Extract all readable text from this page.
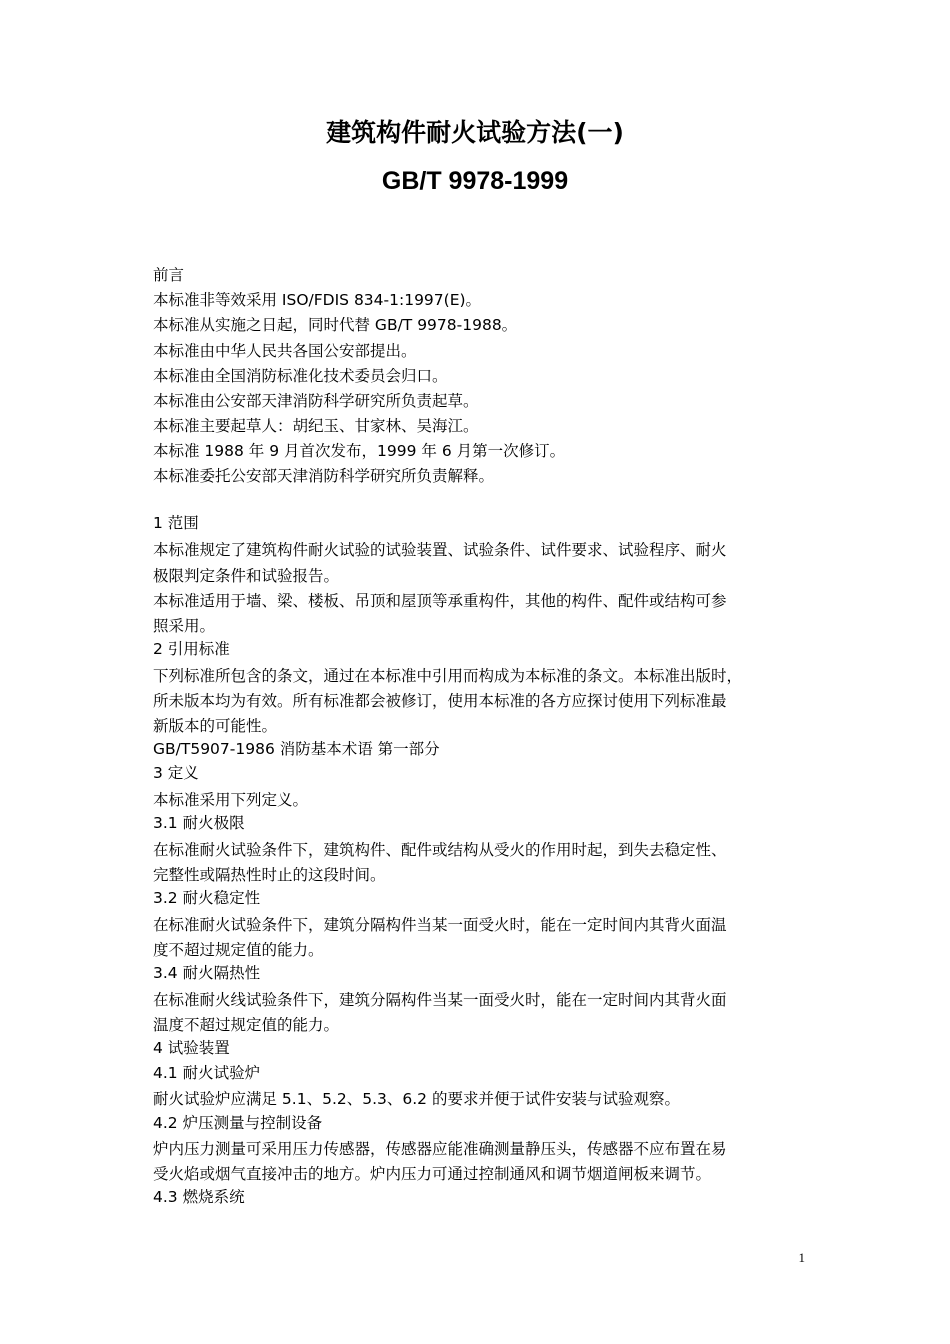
建筑构件耐火试验方法(一)
GB/T 9978-1999

前言

本标准非等效采用 ISO/FDIS 834-1:1997(E)。

本标准从实施之日起，同时代替 GB/T 9978-1988。

本标准由中华人民共各国公安部提出。

本标准由全国消防标准化技术委员会归口。

本标准由公安部天津消防科学研究所负责起草。

本标准主要起草人：胡纪玉、甘家林、吴海江。

本标准 1988 年 9 月首次发布，1999 年 6 月第一次修订。

本标准委托公安部天津消防科学研究所负责解释。

1 范围

本标准规定了建筑构件耐火试验的试验装置、试验条件、试件要求、试验程序、耐火

极限判定条件和试验报告。

本标准适用于墙、梁、楼板、吊顶和屋顶等承重构件，其他的构件、配件或结构可参

照采用。

2 引用标准

下列标准所包含的条文，通过在本标准中引用而构成为本标准的条文。本标准出版时，

所未版本均为有效。所有标准都会被修订，使用本标准的各方应探讨使用下列标准最

新版本的可能性。

GB/T5907-1986 消防基本术语 第一部分

3 定义

本标准采用下列定义。

3.1 耐火极限

在标准耐火试验条件下，建筑构件、配件或结构从受火的作用时起，到失去稳定性、

完整性或隔热性时止的这段时间。

3.2 耐火稳定性

在标准耐火试验条件下，建筑分隔构件当某一面受火时，能在一定时间内其背火面温

度不超过规定值的能力。

3.4 耐火隔热性

在标准耐火线试验条件下，建筑分隔构件当某一面受火时，能在一定时间内其背火面

温度不超过规定值的能力。

4 试验装置

4.1 耐火试验炉

耐火试验炉应满足 5.1、5.2、5.3、6.2 的要求并便于试件安装与试验观察。

4.2 炉压测量与控制设备

炉内压力测量可采用压力传感器，传感器应能准确测量静压头，传感器不应布置在易

受火焰或烟气直接冲击的地方。炉内压力可通过控制通风和调节烟道闸板来调节。

4.3 燃烧系统

1
